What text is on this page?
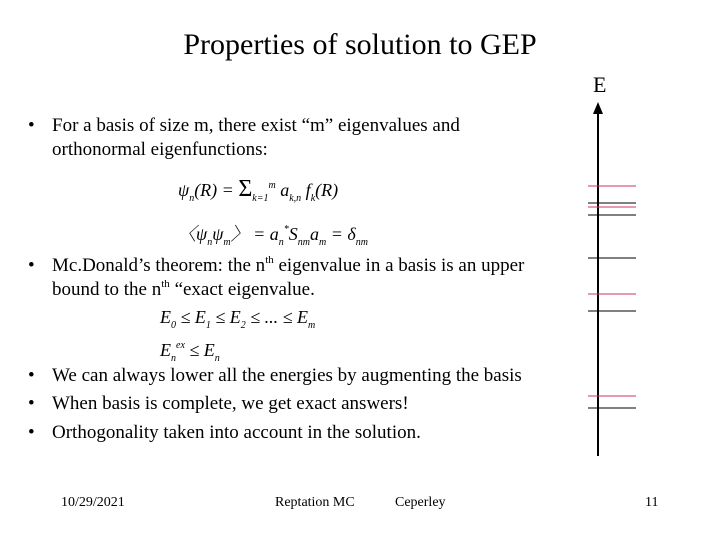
Properties of solution to GEP
E
• For a basis of size m, there exist “m” eigenvalues and
orthonormal eigenfunctions:
$\psi_n(R) = \Sigma_{k=1}^m$ $a_{k,n}$ $f_k(R)$
〈$\psi_n\psi_m$〉 = $a_n^*S_{nm}a_m = \delta_{nm}$
• Mc.Donald’s theorem: the $n^{th}$ eigenvalue in a basis is an upper
bound to the $n^{th}$ “exact eigenvalue.
$E_0 \le E_1 \le E_2$ ≤ ... ≤ $E_m$
$E_n^{ex} \le E_n$
• We can always lower all the energies by augmenting the basis
• When basis is complete, we get exact answers!
• Orthogonality taken into account in the solution.
10/29/2021	Reptation MC	Ceperley	11
